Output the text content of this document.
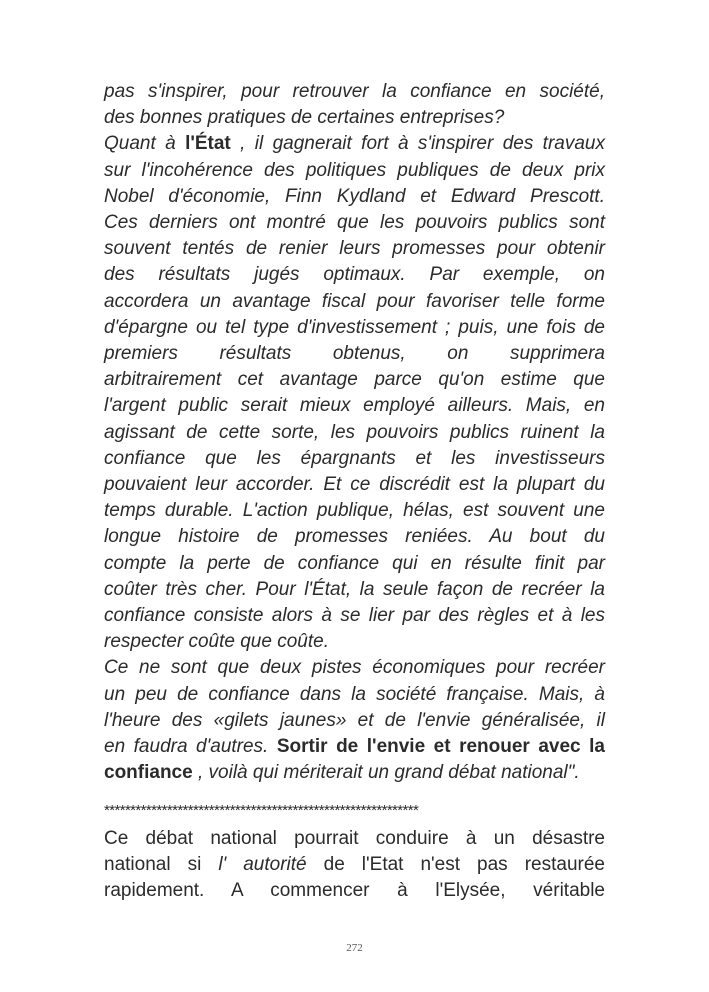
pas s'inspirer, pour retrouver la confiance en société,
des bonnes pratiques de certaines entreprises?
Quant à l'État , il gagnerait fort à s'inspirer des travaux
sur l'incohérence des politiques publiques de deux prix
Nobel d'économie, Finn Kydland et Edward Prescott.
Ces derniers ont montré que les pouvoirs publics sont
souvent tentés de renier leurs promesses pour obtenir
des résultats jugés optimaux. Par exemple, on
accordera un avantage fiscal pour favoriser telle forme
d'épargne ou tel type d'investissement ; puis, une fois de
premiers résultats obtenus, on supprimera
arbitrairement cet avantage parce qu'on estime que
l'argent public serait mieux employé ailleurs. Mais, en
agissant de cette sorte, les pouvoirs publics ruinent la
confiance que les épargnants et les investisseurs
pouvaient leur accorder. Et ce discrédit est la plupart du
temps durable. L'action publique, hélas, est souvent une
longue histoire de promesses reniées. Au bout du
compte la perte de confiance qui en résulte finit par
coûter très cher. Pour l'État, la seule façon de recréer la
confiance consiste alors à se lier par des règles et à les
respecter coûte que coûte.
Ce ne sont que deux pistes économiques pour recréer
un peu de confiance dans la société française. Mais, à
l'heure des «gilets jaunes» et de l'envie généralisée, il
en faudra d'autres. Sortir de l'envie et renouer avec la
confiance , voilà qui mériterait un grand débat national".
************************************************************
Ce débat national pourrait conduire à un désastre
national si l' autorité de l'Etat n'est pas restaurée
rapidement. A commencer à l'Elysée, véritable
272
